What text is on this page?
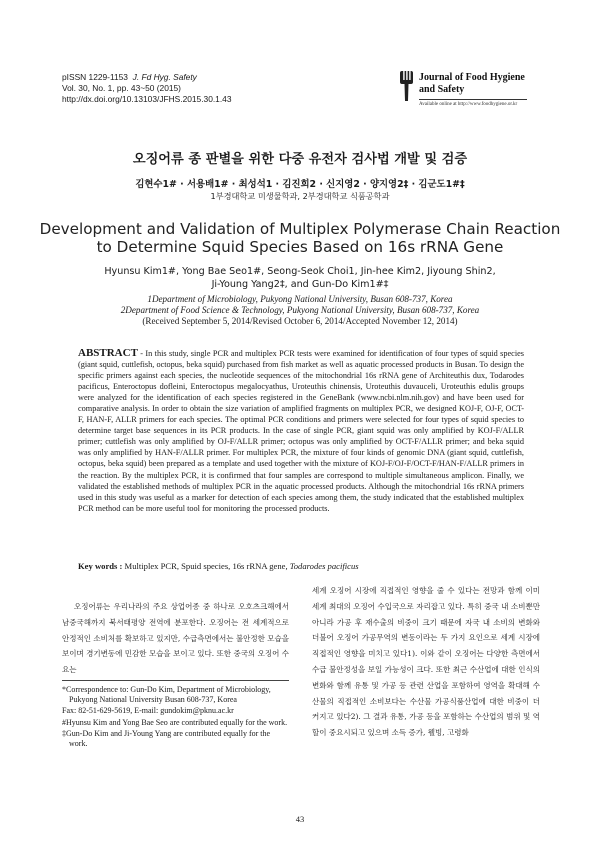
pISSN 1229-1153 J. Fd Hyg. Safety
Vol. 30, No. 1, pp. 43~50 (2015)
http://dx.doi.org/10.13103/JFHS.2015.30.1.43
Journal of Food Hygiene
and Safety
Available online at http://www.foodhygiene.or.kr
오징어류 종 판별을 위한 다중 유전자 검사법 개발 및 검증
김현수1# · 서용배1# · 최성석1 · 김진희2 · 신지영2 · 양지영2‡ · 김군도1#‡
1부경대학교 미생물학과, 2부경대학교 식품공학과
Development and Validation of Multiplex Polymerase Chain Reaction
to Determine Squid Species Based on 16s rRNA Gene
Hyunsu Kim1#, Yong Bae Seo1#, Seong-Seok Choi1, Jin-hee Kim2, Jiyoung Shin2,
Ji-Young Yang2‡, and Gun-Do Kim1#‡
1Department of Microbiology, Pukyong National University, Busan 608-737, Korea
2Department of Food Science & Technology, Pukyong National University, Busan 608-737, Korea
(Received September 5, 2014/Revised October 6, 2014/Accepted November 12, 2014)
ABSTRACT - In this study, single PCR and multiplex PCR tests were examined for identification of four types of squid species (giant squid, cuttlefish, octopus, beka squid) purchased from fish market as well as aquatic processed products in Busan. To design the specific primers against each species, the nucleotide sequences of the mitochondrial 16s rRNA gene of Architeuthis dux, Todarodes pacificus, Enteroctopus dofleini, Enteroctopus megalocyathus, Uroteuthis chinensis, Uroteuthis duvauceli, Uroteuthis edulis groups were analyzed for the identification of each species registered in the GeneBank (www.ncbi.nlm.nih.gov) and have been used for comparative analysis. In order to obtain the size variation of amplified fragments on multiplex PCR, we designed KOJ-F, OJ-F, OCT-F, HAN-F, ALLR primers for each species. The optimal PCR conditions and primers were selected for four types of squid species to determine target base sequences in its PCR products. In the case of single PCR, giant squid was only amplified by KOJ-F/ALLR primer; cuttlefish was only amplified by OJ-F/ALLR primer; octopus was only amplified by OCT-F/ALLR primer; and beka squid was only amplified by HAN-F/ALLR primer. For multiplex PCR, the mixture of four kinds of genomic DNA (giant squid, cuttlefish, octopus, beka squid) been prepared as a template and used together with the mixture of KOJ-F/OJ-F/OCT-F/HAN-F/ALLR primers in the reaction. By the multiplex PCR, it is confirmed that four samples are correspond to multiple simultaneous amplicon. Finally, we validated the established methods of multiplex PCR in the aquatic processed products. Although the mitochondrial 16s rRNA primers used in this study was useful as a marker for detection of each species among them, the study indicated that the established multiplex PCR method can be more useful tool for monitoring the processed products.
Key words : Multiplex PCR, Spuid species, 16s rRNA gene, Todarodes pacificus
오징어류는 우리나라의 주요 상업어종 중 하나로 오호츠크해에서 남중국해까지 북서태평양 전역에 분포한다. 오징어는 전 세계적으로 안정적인 소비처를 확보하고 있지만, 수급측면에서는 불안정한 모습을 보이며 경기변동에 민감한 모습을 보이고 있다. 또한 중국의 오징어 수요는
세계 오징어 시장에 직접적인 영향을 줄 수 있다는 전망과 함께 이미 세계 최대의 오징어 수입국으로 자리잡고 있다. 특히 중국 내 소비뿐만 아니라 가공 후 재수출의 비중이 크기 때문에 자국 내 소비의 변화와 더불어 오징어 가공무역의 변동이라는 두 가지 요인으로 세계 시장에 직접적인 영향을 미치고 있다1). 이와 같이 오징어는 다양한 측면에서 수급 불안정성을 보일 가능성이 크다. 또한 최근 수산업에 대한 인식의 변화와 함께 유통 및 가공 등 관련 산업을 포함하여 영역을 확대해 수산물의 직접적인 소비보다는 수산물 가공식품산업에 대한 비중이 더 커지고 있다2). 그 결과 유통, 가공 등을 포함하는 수산업의 범위 및 역할이 중요시되고 있으며 소득 증가, 웰빙, 고령화

*Correspondence to: Gun-Do Kim, Department of Microbiology, Pukyong National University Busan 608-737, Korea

Fax: 82-51-629-5619, E-mail: gundokim@pknu.ac.kr

#Hyunsu Kim and Yong Bae Seo are contributed equally for the work.

‡Gun-Do Kim and Ji-Young Yang are contributed equally for the work.

43
